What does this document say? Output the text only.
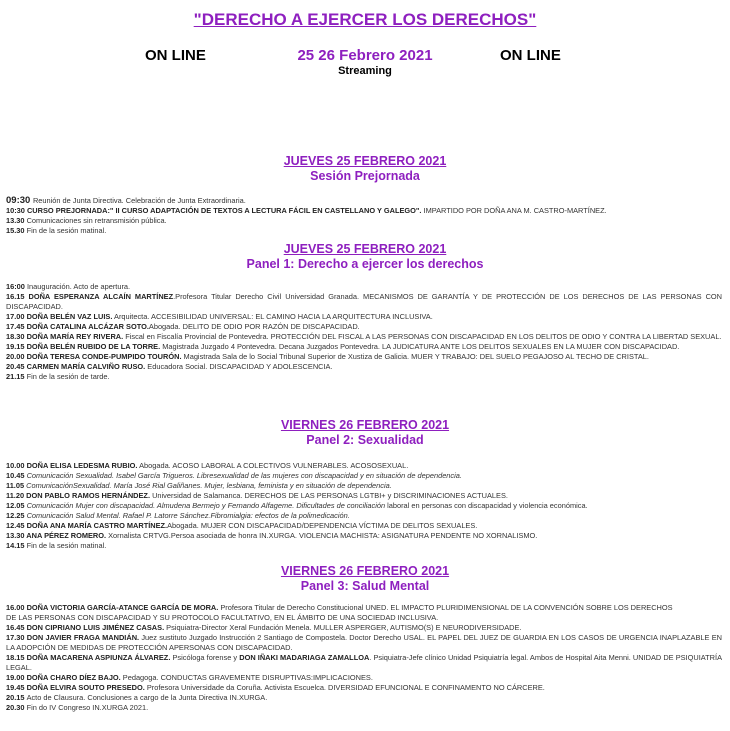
"DERECHO A EJERCER LOS DERECHOS"
ON LINE	25 26 Febrero 2021	ON LINE
Streaming
JUEVES 25 FEBRERO 2021
Sesión Prejornada

09:30 Reunión de Junta Directiva. Celebración de Junta Extraordinaria.

10:30 CURSO PREJORNADA:" II CURSO ADAPTACIÓN DE TEXTOS A LECTURA FÁCIL EN CASTELLANO Y GALEGO". IMPARTIDO POR DOÑA ANA M. CASTRO-MARTÍNEZ.

13.30 Comunicaciones sin retransmisión pública.

15.30 Fin de la sesión matinal.

JUEVES 25 FEBRERO 2021
Panel 1: Derecho a ejercer los derechos

16:00 Inauguración. Acto de apertura.

16.15 DOÑA ESPERANZA ALCAÍN MARTÍNEZ.Profesora Titular Derecho Civil Universidad Granada. MECANISMOS DE GARANTÍA Y DE PROTECCIÓN DE LOS DERECHOS DE LAS PERSONAS CON DISCAPACIDAD.

17.00 DOÑA BELÉN VAZ LUIS. Arquitecta. ACCESIBILIDAD UNIVERSAL: EL CAMINO HACIA LA ARQUITECTURA INCLUSIVA.

17.45 DOÑA CATALINA ALCÁZAR SOTO.Abogada. DELITO DE ODIO POR RAZÓN DE DISCAPACIDAD.

18.30 DOÑA MARÍA REY RIVERA. Fiscal en Fiscalía Provincial de Pontevedra. PROTECCIÓN DEL FISCAL A LAS PERSONAS CON DISCAPACIDAD EN LOS DELITOS DE ODIO Y CONTRA LA LIBERTAD SEXUAL.

19.15 DOÑA BELÉN RUBIDO DE LA TORRE. Magistrada Juzgado 4 Pontevedra. Decana Juzgados Pontevedra. LA JUDICATURA ANTE LOS DELITOS SEXUALES EN LA MUJER CON DISCAPACIDAD.

20.00 DOÑA TERESA CONDE-PUMPIDO TOURÓN. Magistrada Sala de lo Social Tribunal Superior de Xustiza de Galicia. MUER Y TRABAJO: DEL SUELO PEGAJOSO AL TECHO DE CRISTAL.

20.45 CARMEN MARÍA CALVIÑO RUSO. Educadora Social. DISCAPACIDAD Y ADOLESCENCIA.

21.15 Fin de la sesión de tarde.

VIERNES 26 FEBRERO 2021
Panel 2: Sexualidad

10.00 DOÑA ELISA LEDESMA RUBIO. Abogada. ACOSO LABORAL A COLECTIVOS VULNERABLES. ACOSOSEXUAL.

10.45 Comunicación Sexualidad. Isabel García Trigueros. Libresexualidad de las mujeres con discapacidad y en situación de dependencia.

11.05 ComunicaciónSexualidad. María José Rial Galiñanes. Mujer, lesbiana, feminista y en situación de dependencia.

11.20 DON PABLO RAMOS HERNÁNDEZ. Universidad de Salamanca. DERECHOS DE LAS PERSONAS LGTBI+ y DISCRIMINACIONES ACTUALES.

12.05 Comunicación Mujer con discapacidad. Almudena Bermejo y Fernando Alfageme. Dificultades de conciliación laboral en personas con discapacidad y violencia económica.

12.25 Comunicación Salud Mental. Rafael P. Latorre Sánchez.Fibromialgia: efectos de la polimedicación.

12.45 DOÑA ANA MARÍA CASTRO MARTÍNEZ.Abogada. MUJER CON DISCAPACIDAD/DEPENDENCIA VÍCTIMA DE DELITOS SEXUALES.

13.30 ANA PÉREZ ROMERO. Xornalista CRTVG.Persoa asociada de honra IN.XURGA. VIOLENCIA MACHISTA: ASIGNATURA PENDENTE NO XORNALISMO.

14.15 Fin de la sesión matinal.

VIERNES 26 FEBRERO 2021
Panel 3: Salud Mental

16.00 DOÑA VICTORIA GARCÍA-ATANCE GARCÍA DE MORA. Profesora Titular de Derecho Constitucional UNED. EL IMPACTO PLURIDIMENSIONAL DE LA CONVENCIÓN SOBRE LOS DERECHOS

DE LAS PERSONAS CON DISCAPACIDAD Y SU PROTOCOLO FACULTATIVO, EN EL ÁMBITO DE UNA SOCIEDAD INCLUSIVA.

16.45 DON CIPRIANO LUIS JIMÉNEZ CASAS. Psiquiatra-Director Xeral Fundación Menela. MULLER ASPERGER, AUTISMO(S) E NEURODIVERSIDADE.

17.30 DON JAVIER FRAGA MANDIÁN. Juez sustituto Juzgado Instrucción 2 Santiago de Compostela. Doctor Derecho USAL. EL PAPEL DEL JUEZ DE GUARDIA EN LOS CASOS DE URGENCIA INAPLAZABLE EN LA ADOPCIÓN DE MEDIDAS DE PROTECCIÓN APERSONAS CON DISCAPACIDAD.

18.15 DOÑA MACARENA ASPIUNZA ÁLVAREZ. Psicóloga forense y DON IÑAKI MADARIAGA ZAMALLOA. Psiquiatra-Jefe clínico Unidad Psiquiatría legal. Ambos de Hospital Aita Menni. UNIDAD DE PSIQUIATRÍA LEGAL.

19.00 DOÑA CHARO DÍEZ BAJO. Pedagoga. CONDUCTAS GRAVEMENTE DISRUPTIVAS:IMPLICACIONES.

19.45 DOÑA ELVIRA SOUTO PRESEDO. Profesora Universidade da Coruña. Activista Escuelca. DIVERSIDAD EFUNCIONAL E CONFINAMENTO NO CÁRCERE.

20.15 Acto de Clausura. Conclusiones a cargo de la Junta Directiva IN.XURGA.

20.30 Fin do IV Congreso IN.XURGA 2021.
